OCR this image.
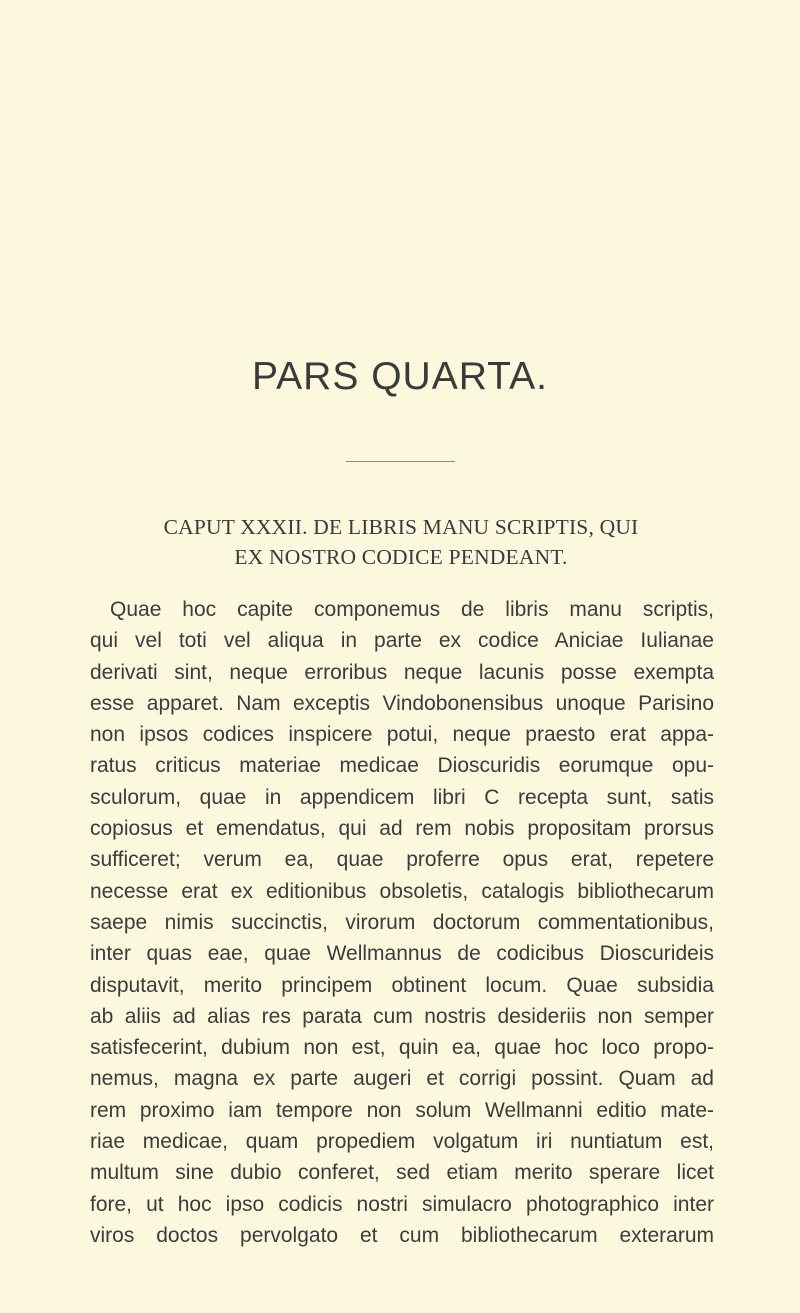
PARS QUARTA.
CAPUT XXXII. DE LIBRIS MANU SCRIPTIS, QUI
EX NOSTRO CODICE PENDEANT.

Quae hoc capite componemus de libris manu scriptis,
qui vel toti vel aliqua in parte ex codice Aniciae Iulianae
derivati sint, neque erroribus neque lacunis posse exempta
esse apparet. Nam exceptis Vindobonensibus unoque Parisino
non ipsos codices inspicere potui, neque praesto erat appa-
ratus criticus materiae medicae Dioscuridis eorumque opu-
sculorum, quae in appendicem libri C recepta sunt, satis
copiosus et emendatus, qui ad rem nobis propositam prorsus
sufficeret; verum ea, quae proferre opus erat, repetere
necesse erat ex editionibus obsoletis, catalogis bibliothecarum
saepe nimis succinctis, virorum doctorum commentationibus,
inter quas eae, quae Wellmannus de codicibus Dioscurideis
disputavit, merito principem obtinent locum. Quae subsidia
ab aliis ad alias res parata cum nostris desideriis non semper
satisfecerint, dubium non est, quin ea, quae hoc loco propo-
nemus, magna ex parte augeri et corrigi possint. Quam ad
rem proximo iam tempore non solum Wellmanni editio mate-
riae medicae, quam propediem volgatum iri nuntiatum est,
multum sine dubio conferet, sed etiam merito sperare licet
fore, ut hoc ipso codicis nostri simulacro photographico inter
viros doctos pervolgato et cum bibliothecarum exterarum
